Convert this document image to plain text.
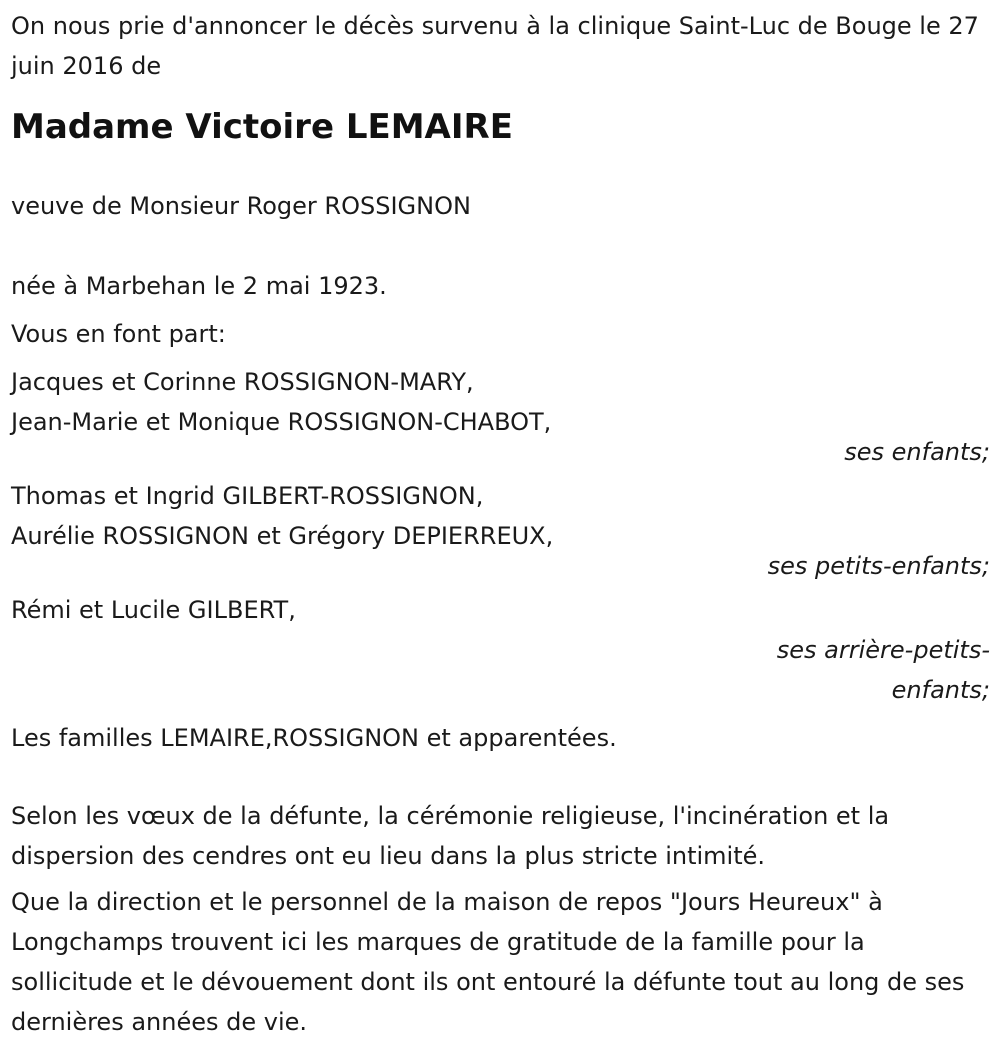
On nous prie d'annoncer le décès survenu à la clinique Saint-Luc de Bouge le 27 juin 2016 de

Madame Victoire LEMAIRE

veuve de Monsieur Roger ROSSIGNON

née à Marbehan le 2 mai 1923.

Vous en font part:

Jacques et Corinne ROSSIGNON-MARY,
Jean-Marie et Monique ROSSIGNON-CHABOT,
ses enfants;
Thomas et Ingrid GILBERT-ROSSIGNON,
Aurélie ROSSIGNON et Grégory DEPIERREUX,
ses petits-enfants;
Rémi et Lucile GILBERT,
ses arrière-petits-enfants;

Les familles LEMAIRE,ROSSIGNON et apparentées.

Selon les vœux de la défunte, la cérémonie religieuse, l'incinération et la dispersion des cendres ont eu lieu dans la plus stricte intimité.

Que la direction et le personnel de la maison de repos "Jours Heureux" à Longchamps trouvent ici les marques de gratitude de la famille pour la sollicitude et le dévouement dont ils ont entouré la défunte tout au long de ses dernières années de vie.
